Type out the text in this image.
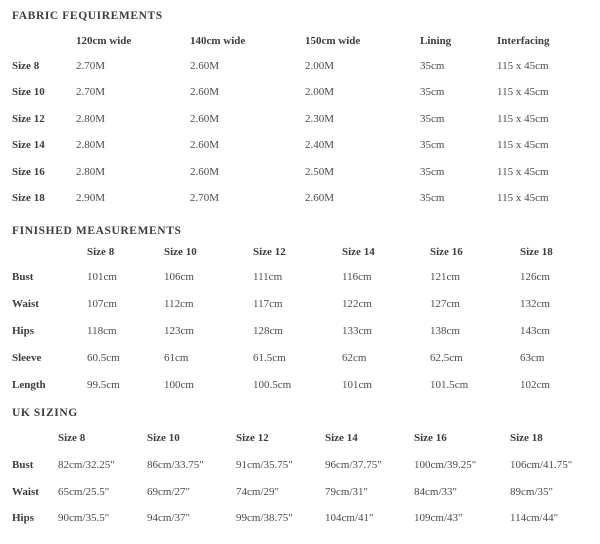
FABRIC FEQUIREMENTS
120cm wide	140cm wide	150cm wide	Lining	Interfacing
Size 8	2.70M	2.60M	2.00M	35cm	115 x 45cm
Size 10	2.70M	2.60M	2.00M	35cm	115 x 45cm
Size 12	2.80M	2.60M	2.30M	35cm	115 x 45cm
Size 14	2.80M	2.60M	2.40M	35cm	115 x 45cm
Size 16	2.80M	2.60M	2.50M	35cm	115 x 45cm
Size 18	2.90M	2.70M	2.60M	35cm	115 x 45cm
FINISHED MEASUREMENTS
Size 8	Size 10	Size 12	Size 14	Size 16	Size 18
Bust	101cm	106cm	111cm	116cm	121cm	126cm
Waist	107cm	112cm	117cm	122cm	127cm	132cm
Hips	118cm	123cm	128cm	133cm	138cm	143cm
Sleeve	60.5cm	61cm	61.5cm	62cm	62.5cm	63cm
Length	99.5cm	100cm	100.5cm	101cm	101.5cm	102cm
UK SIZING
Size 8	Size 10	Size 12	Size 14	Size 16	Size 18
Bust 82cm/32.25"	86cm/33.75"	91cm/35.75"	96cm/37.75"	100cm/39.25"	106cm/41.75"
Waist 65cm/25.5"	69cm/27"	74cm/29"	79cm/31"	84cm/33"	89cm/35"
Hips 90cm/35.5"	94cm/37"	99cm/38.75"	104cm/41"	109cm/43"	114cm/44"
